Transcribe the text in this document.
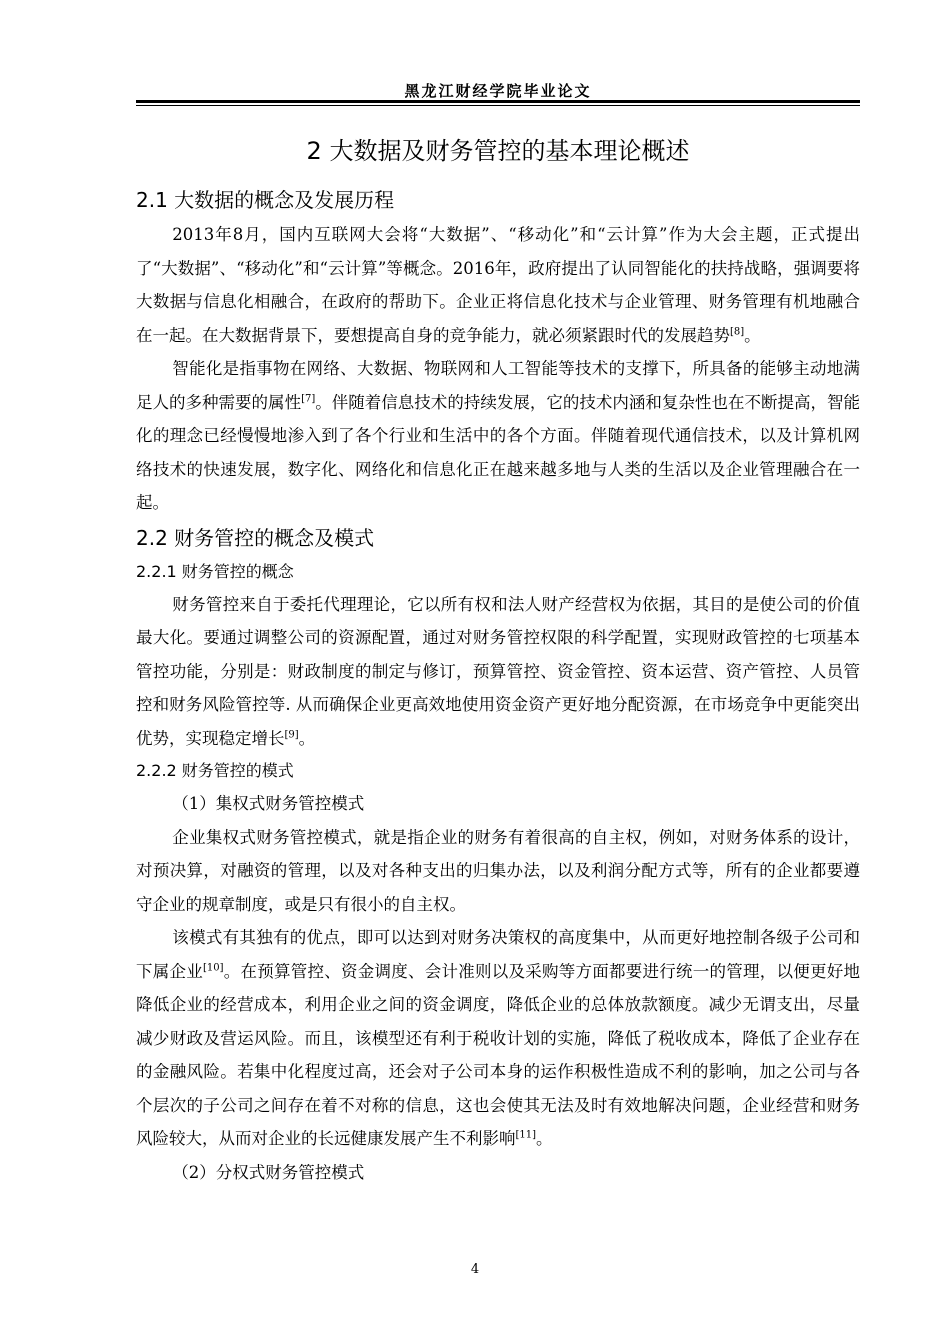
黑龙江财经学院毕业论文
2 大数据及财务管控的基本理论概述
2.1 大数据的概念及发展历程

2013年8月，国内互联网大会将“大数据”、“移动化”和“云计算”作为大会主题，正式提出了“大数据”、“移动化”和“云计算”等概念。2016年，政府提出了认同智能化的扶持战略，强调要将大数据与信息化相融合，在政府的帮助下。企业正将信息化技术与企业管理、财务管理有机地融合在一起。在大数据背景下，要想提高自身的竞争能力，就必须紧跟时代的发展趋势[8]。

智能化是指事物在网络、大数据、物联网和人工智能等技术的支撑下，所具备的能够主动地满足人的多种需要的属性[7]。伴随着信息技术的持续发展，它的技术内涵和复杂性也在不断提高，智能化的理念已经慢慢地渗入到了各个行业和生活中的各个方面。伴随着现代通信技术，以及计算机网络技术的快速发展，数字化、网络化和信息化正在越来越多地与人类的生活以及企业管理融合在一起。

2.2 财务管控的概念及模式
2.2.1 财务管控的概念

财务管控来自于委托代理理论，它以所有权和法人财产经营权为依据，其目的是使公司的价值最大化。要通过调整公司的资源配置，通过对财务管控权限的科学配置，实现财政管控的七项基本管控功能，分别是：财政制度的制定与修订，预算管控、资金管控、资本运营、资产管控、人员管控和财务风险管控等. 从而确保企业更高效地使用资金资产更好地分配资源，在市场竞争中更能突出优势，实现稳定增长[9]。

2.2.2 财务管控的模式

（1）集权式财务管控模式

企业集权式财务管控模式，就是指企业的财务有着很高的自主权，例如，对财务体系的设计，对预决算，对融资的管理，以及对各种支出的归集办法，以及利润分配方式等，所有的企业都要遵守企业的规章制度，或是只有很小的自主权。

该模式有其独有的优点，即可以达到对财务决策权的高度集中，从而更好地控制各级子公司和下属企业[10]。在预算管控、资金调度、会计准则以及采购等方面都要进行统一的管理，以便更好地降低企业的经营成本，利用企业之间的资金调度，降低企业的总体放款额度。减少无谓支出，尽量减少财政及营运风险。而且，该模型还有利于税收计划的实施，降低了税收成本，降低了企业存在的金融风险。若集中化程度过高，还会对子公司本身的运作积极性造成不利的影响，加之公司与各个层次的子公司之间存在着不对称的信息，这也会使其无法及时有效地解决问题，企业经营和财务风险较大，从而对企业的长远健康发展产生不利影响[11]。

（2）分权式财务管控模式

4
